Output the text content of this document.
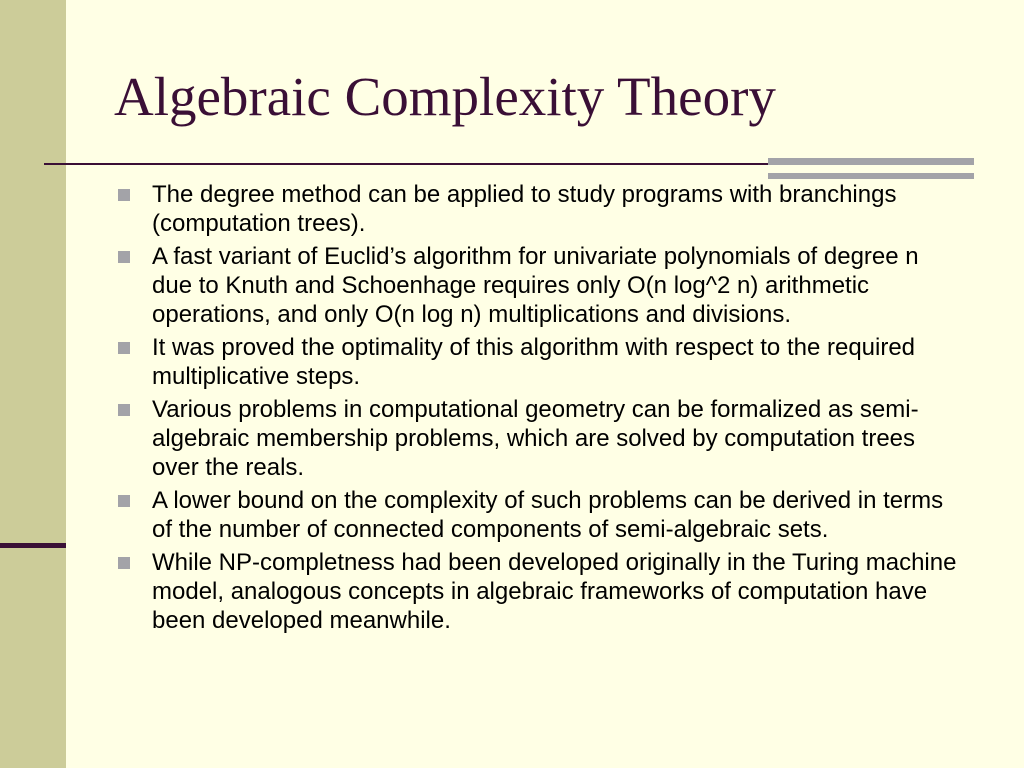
Algebraic Complexity Theory
The degree method can be applied to study programs with branchings (computation trees).
A fast variant of Euclid’s algorithm for univariate polynomials of degree n due to Knuth and Schoenhage requires only O(n log^2 n) arithmetic operations, and only O(n log n) multiplications and divisions.
It was proved the optimality of this algorithm with respect to the required multiplicative steps.
Various problems in computational geometry can be formalized as semi-algebraic membership problems, which are solved by computation trees over the reals.
A lower bound on the complexity of such problems can be derived in terms of the number of connected components of semi-algebraic sets.
While NP-completness had been developed originally in the Turing machine model, analogous concepts in algebraic frameworks of computation have been developed meanwhile.
